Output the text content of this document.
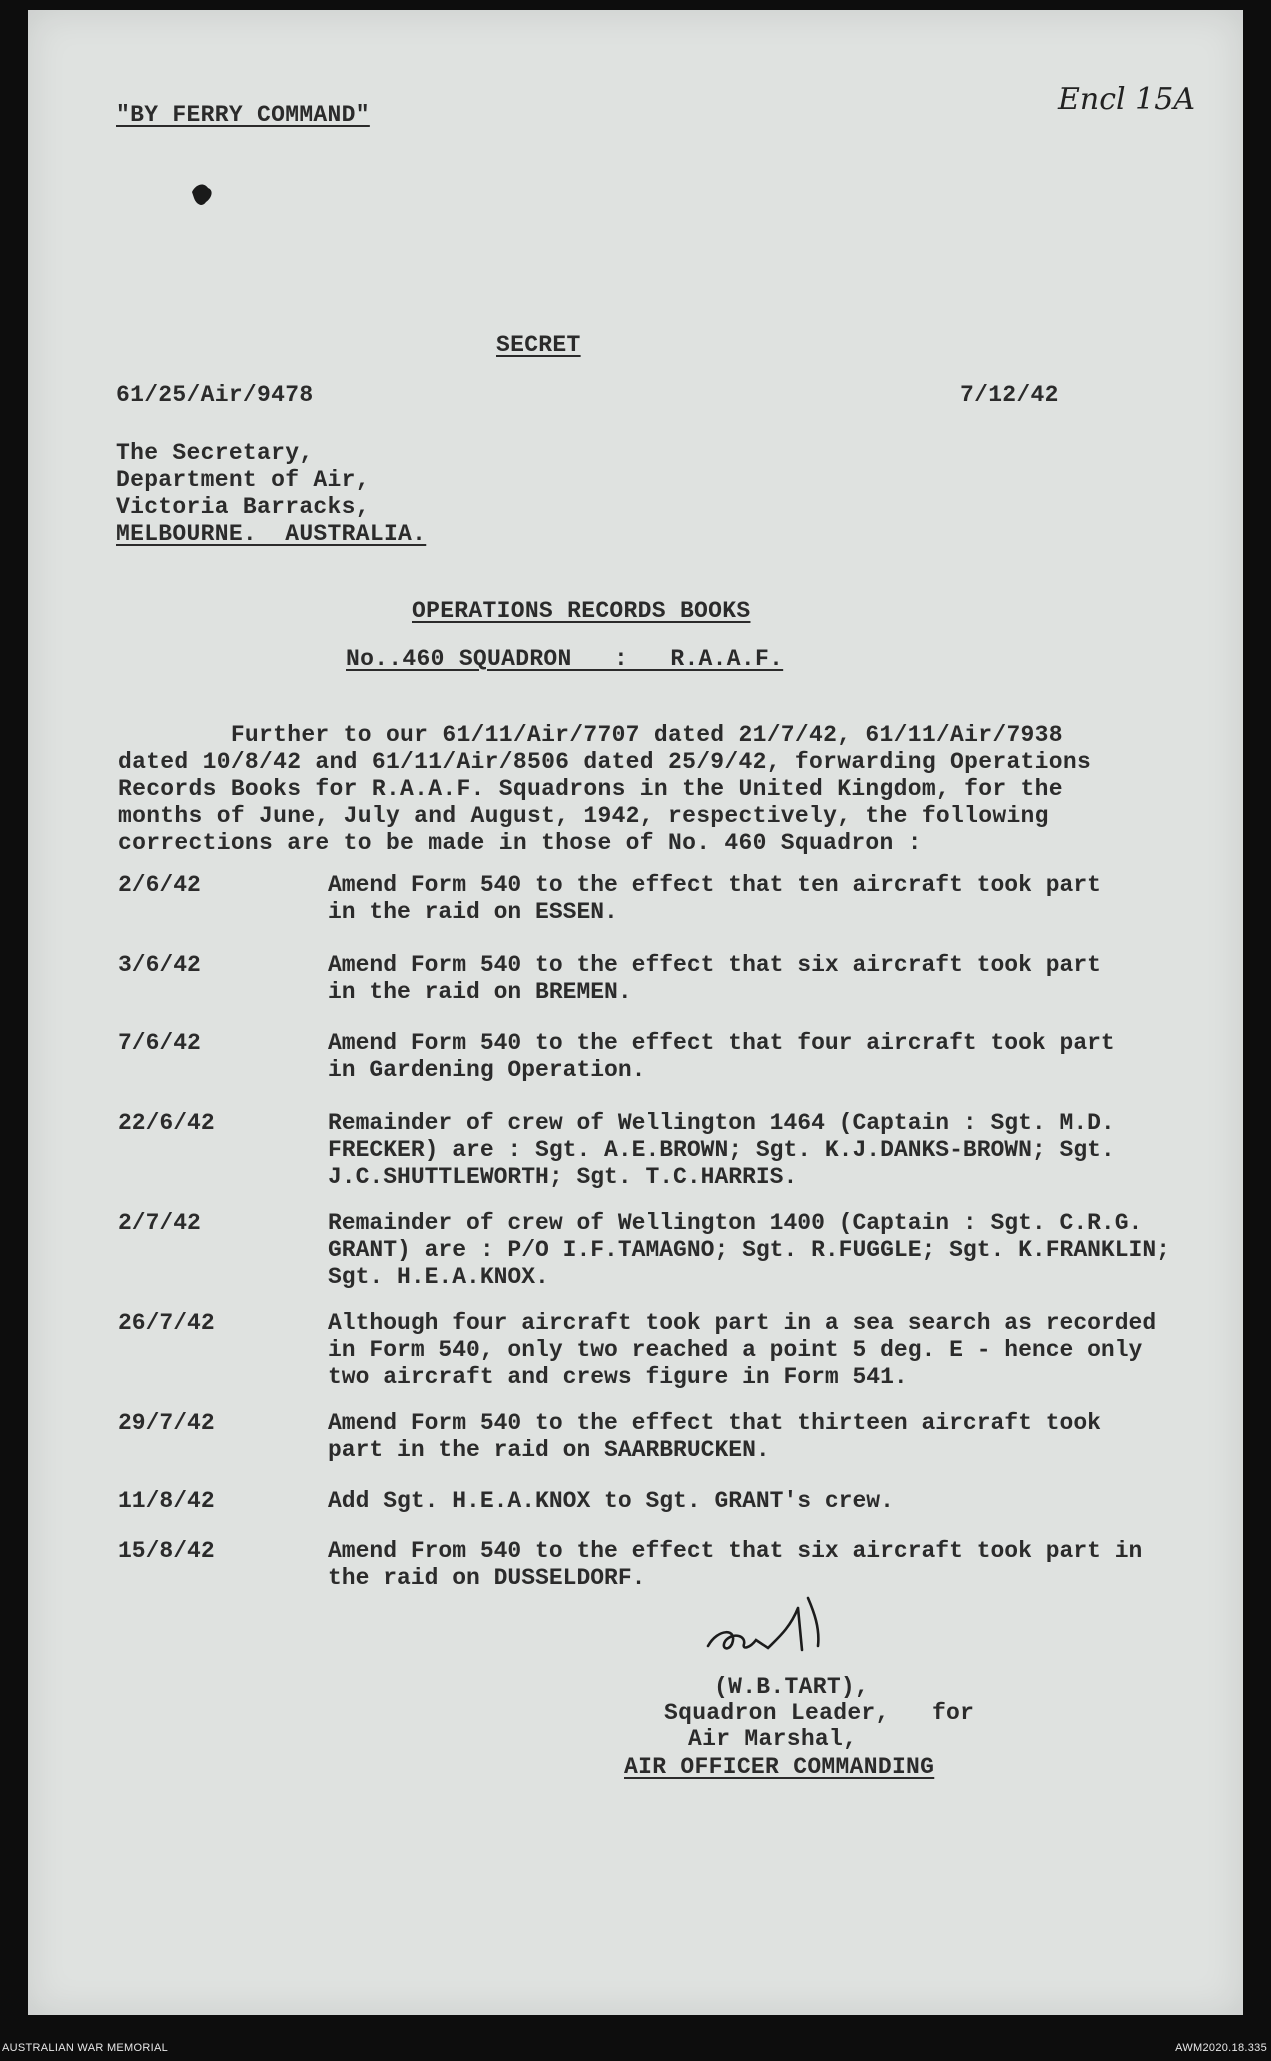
"BY FERRY COMMAND"	Encl 15A
SECRET
61/25/Air/9478	7/12/42
The Secretary,
Department of Air,
Victoria Barracks,
MELBOURNE.  AUSTRALIA.
OPERATIONS RECORDS BOOKS
No..460 SQUADRON   :   R.A.A.F.
Further to our 61/11/Air/7707 dated 21/7/42, 61/11/Air/7938
dated 10/8/42 and 61/11/Air/8506 dated 25/9/42, forwarding Operations
Records Books for R.A.A.F. Squadrons in the United Kingdom, for the
months of June, July and August, 1942, respectively, the following
corrections are to be made in those of No. 460 Squadron :
2/6/42	Amend Form 540 to the effect that ten aircraft took part
in the raid on ESSEN.
3/6/42	Amend Form 540 to the effect that six aircraft took part
in the raid on BREMEN.
7/6/42	Amend Form 540 to the effect that four aircraft took part
in Gardening Operation.
22/6/42	Remainder of crew of Wellington 1464 (Captain : Sgt. M.D.
FRECKER) are : Sgt. A.E.BROWN; Sgt. K.J.DANKS-BROWN; Sgt.
J.C.SHUTTLEWORTH; Sgt. T.C.HARRIS.
2/7/42	Remainder of crew of Wellington 1400 (Captain : Sgt. C.R.G.
GRANT) are : P/O I.F.TAMAGNO; Sgt. R.FUGGLE; Sgt. K.FRANKLIN;
Sgt. H.E.A.KNOX.
26/7/42	Although four aircraft took part in a sea search as recorded
in Form 540, only two reached a point 5 deg. E - hence only
two aircraft and crews figure in Form 541.
29/7/42	Amend Form 540 to the effect that thirteen aircraft took
part in the raid on SAARBRUCKEN.
11/8/42	Add Sgt. H.E.A.KNOX to Sgt. GRANT's crew.
15/8/42	Amend From 540 to the effect that six aircraft took part in
the raid on DUSSELDORF.
(W.B.TART),
Squadron Leader,   for
Air Marshal,
AIR OFFICER COMMANDING
AUSTRALIAN WAR MEMORIAL	AWM2020.18.335
